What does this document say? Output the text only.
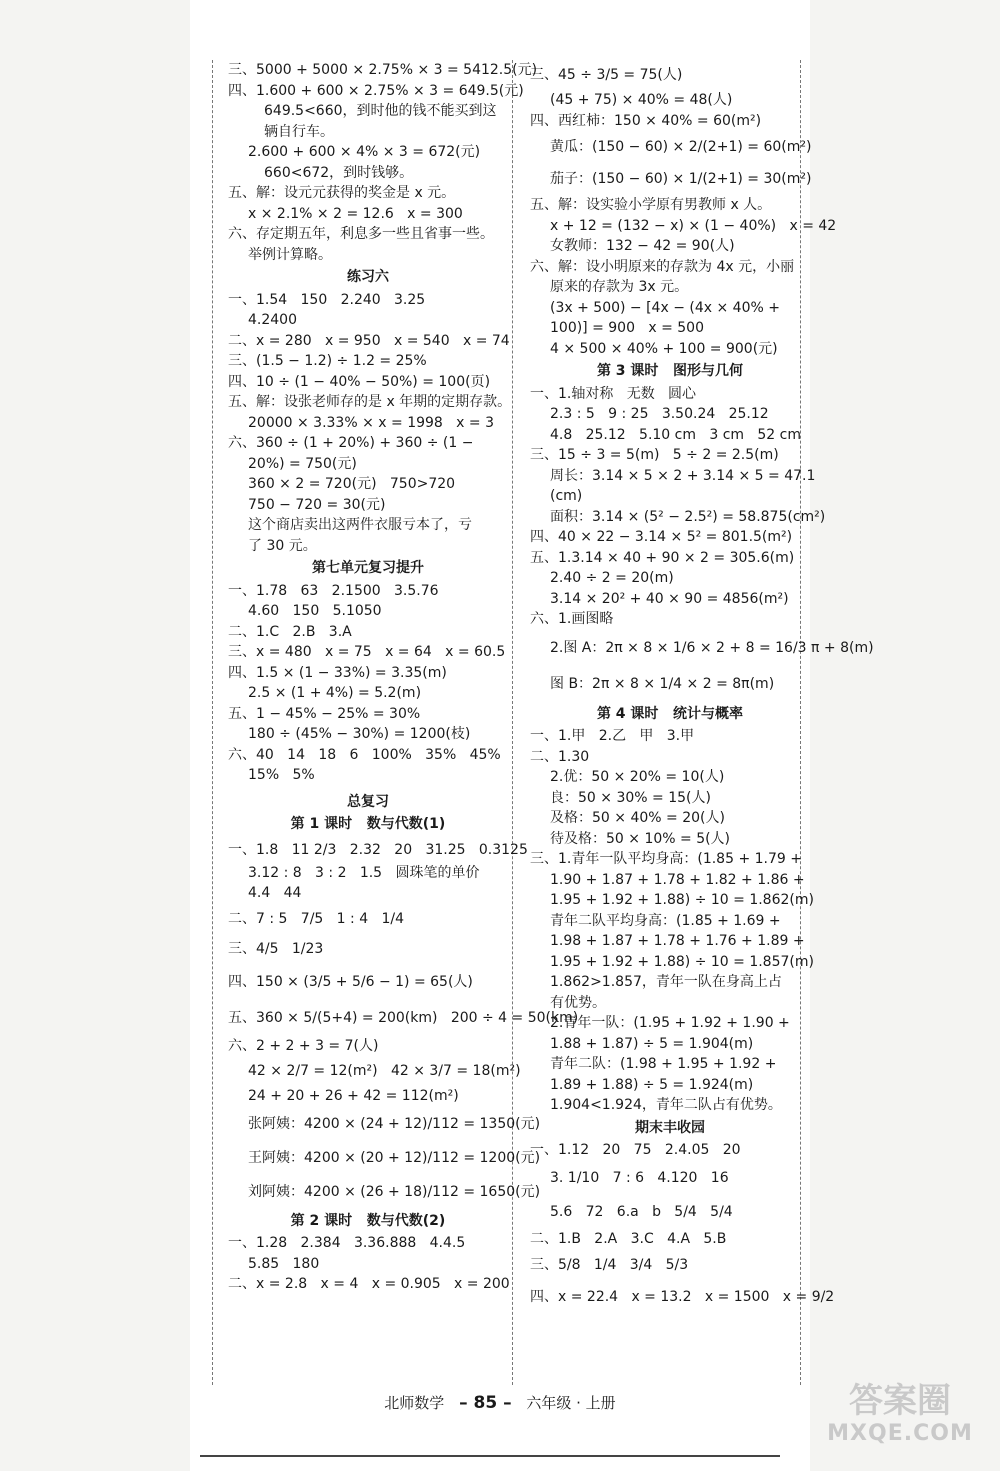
三、5000 + 5000 × 2.75% × 3 = 5412.5(元)
四、1.600 + 600 × 2.75% × 3 = 649.5(元)
649.5<660，到时他的钱不能买到这
辆自行车。
2.600 + 600 × 4% × 3 = 672(元)
660<672，到时钱够。
五、解：设元元获得的奖金是 x 元。
x × 2.1% × 2 = 12.6   x = 300
六、存定期五年，利息多一些且省事一些。
举例计算略。
练习六
一、1.54   150   2.240   3.25
4.2400
二、x = 280   x = 950   x = 540   x = 74
三、(1.5 − 1.2) ÷ 1.2 = 25%
四、10 ÷ (1 − 40% − 50%) = 100(页)
五、解：设张老师存的是 x 年期的定期存款。
20000 × 3.33% × x = 1998   x = 3
六、360 ÷ (1 + 20%) + 360 ÷ (1 −
20%) = 750(元)
360 × 2 = 720(元)   750>720
750 − 720 = 30(元)
这个商店卖出这两件衣服亏本了，亏
了 30 元。
第七单元复习提升
一、1.78   63   2.1500   3.5.76
4.60   150   5.1050
二、1.C   2.B   3.A
三、x = 480   x = 75   x = 64   x = 60.5
四、1.5 × (1 − 33%) = 3.35(m)
2.5 × (1 + 4%) = 5.2(m)
五、1 − 45% − 25% = 30%
180 ÷ (45% − 30%) = 1200(枝)
六、40   14   18   6   100%   35%   45%
15%   5%
总复习
第 1 课时   数与代数(1)
一、1.8   11 2/3   2.32   20   31.25   0.3125
3.12 : 8   3 : 2   1.5   圆珠笔的单价
4.4   44
二、7 : 5   7/5   1 : 4   1/4
三、4/5   1/23
四、150 × (3/5 + 5/6 − 1) = 65(人)
五、360 × 5/(5+4) = 200(km)   200 ÷ 4 = 50(km)
六、2 + 2 + 3 = 7(人)
42 × 2/7 = 12(m²)   42 × 3/7 = 18(m²)
24 + 20 + 26 + 42 = 112(m²)
张阿姨：4200 × (24 + 12)/112 = 1350(元)
王阿姨：4200 × (20 + 12)/112 = 1200(元)
刘阿姨：4200 × (26 + 18)/112 = 1650(元)
第 2 课时   数与代数(2)
一、1.28   2.384   3.36.888   4.4.5
5.85   180
二、x = 2.8   x = 4   x = 0.905   x = 200
三、45 ÷ 3/5 = 75(人)
(45 + 75) × 40% = 48(人)
四、西红柿：150 × 40% = 60(m²)
黄瓜：(150 − 60) × 2/(2+1) = 60(m²)
茄子：(150 − 60) × 1/(2+1) = 30(m²)
五、解：设实验小学原有男教师 x 人。
x + 12 = (132 − x) × (1 − 40%)   x = 42
女教师：132 − 42 = 90(人)
六、解：设小明原来的存款为 4x 元，小丽
原来的存款为 3x 元。
(3x + 500) − [4x − (4x × 40% +
100)] = 900   x = 500
4 × 500 × 40% + 100 = 900(元)
第 3 课时   图形与几何
一、1.轴对称   无数   圆心
2.3 : 5   9 : 25   3.50.24   25.12
4.8   25.12   5.10 cm   3 cm   52 cm
三、15 ÷ 3 = 5(m)   5 ÷ 2 = 2.5(m)
周长：3.14 × 5 × 2 + 3.14 × 5 = 47.1
(cm)
面积：3.14 × (5² − 2.5²) = 58.875(cm²)
四、40 × 22 − 3.14 × 5² = 801.5(m²)
五、1.3.14 × 40 + 90 × 2 = 305.6(m)
2.40 ÷ 2 = 20(m)
3.14 × 20² + 40 × 90 = 4856(m²)
六、1.画图略
2.图 A：2π × 8 × 1/6 × 2 + 8 = 16/3 π + 8(m)
图 B：2π × 8 × 1/4 × 2 = 8π(m)
第 4 课时   统计与概率
一、1.甲   2.乙   甲   3.甲
二、1.30
2.优：50 × 20% = 10(人)
良：50 × 30% = 15(人)
及格：50 × 40% = 20(人)
待及格：50 × 10% = 5(人)
三、1.青年一队平均身高：(1.85 + 1.79 +
1.90 + 1.87 + 1.78 + 1.82 + 1.86 +
1.95 + 1.92 + 1.88) ÷ 10 = 1.862(m)
青年二队平均身高：(1.85 + 1.69 +
1.98 + 1.87 + 1.78 + 1.76 + 1.89 +
1.95 + 1.92 + 1.88) ÷ 10 = 1.857(m)
1.862>1.857，青年一队在身高上占
有优势。
2.青年一队：(1.95 + 1.92 + 1.90 +
1.88 + 1.87) ÷ 5 = 1.904(m)
青年二队：(1.98 + 1.95 + 1.92 +
1.89 + 1.88) ÷ 5 = 1.924(m)
1.904<1.924，青年二队占有优势。
期末丰收园
一、1.12   20   75   2.4.05   20
3. 1/10   7 : 6   4.120   16
5.6   72   6.a   b   5/4   5/4
二、1.B   2.A   3.C   4.A   5.B
三、5/8   1/4   3/4   5/3
四、x = 22.4   x = 13.2   x = 1500   x = 9/2
北师数学 – 85 – 六年级 · 上册	答案圈
MXQE.COM
